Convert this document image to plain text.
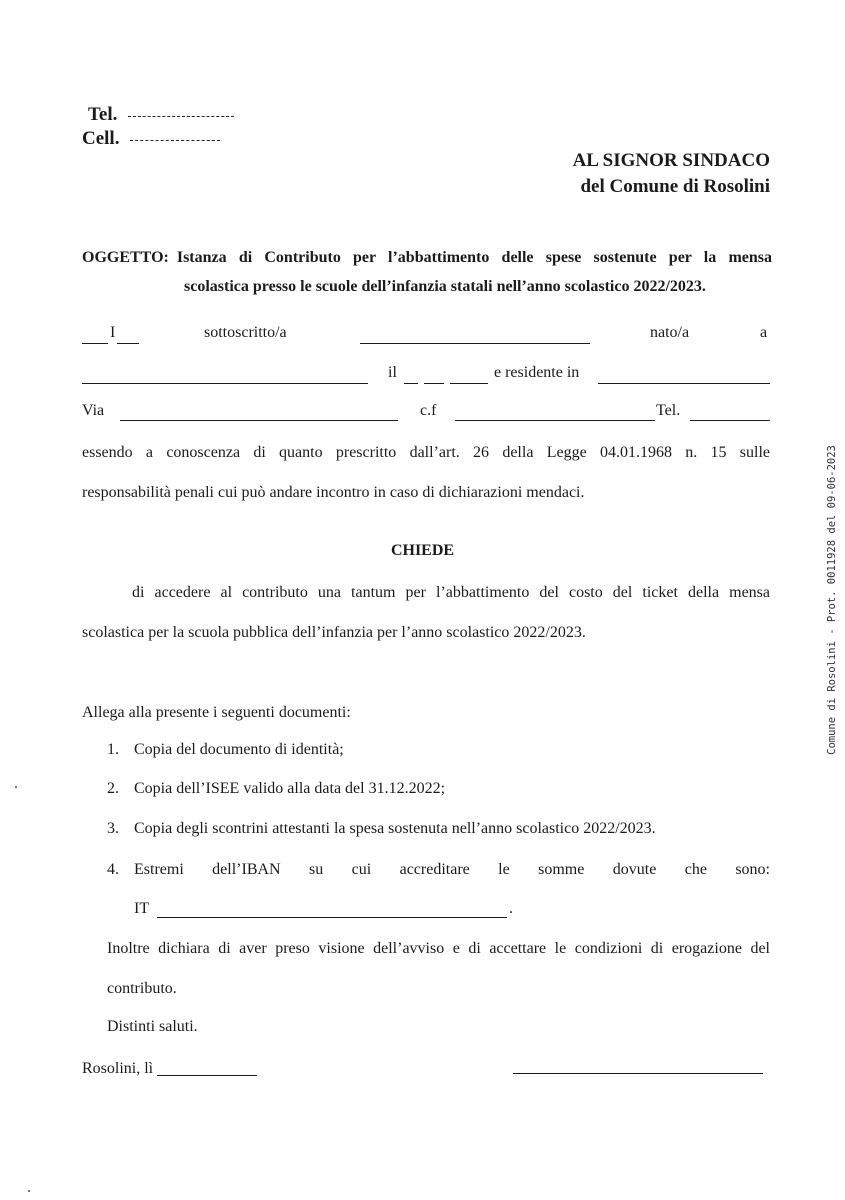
Tel.
Cell.
AL SIGNOR SINDACO
del Comune di Rosolini
OGGETTO: Istanza di Contributo per l’abbattimento delle spese sostenute per la mensa
scolastica presso le scuole dell’infanzia statali nell’anno scolastico 2022/2023.
I	sottoscritto/a	nato/a	a
il	e residente in
Via	c.f	Tel.
essendo a conoscenza di quanto prescritto dall’art. 26 della Legge 04.01.1968 n. 15 sulle
responsabilità penali cui può andare incontro in caso di dichiarazioni mendaci.
CHIEDE
di accedere al contributo una tantum per l’abbattimento del costo del ticket della mensa
scolastica per la scuola pubblica dell’infanzia per l’anno scolastico 2022/2023.
Allega alla presente i seguenti documenti:
1. Copia del documento di identità;
2. Copia dell’ISEE valido alla data del 31.12.2022;
3. Copia degli scontrini attestanti la spesa sostenuta nell’anno scolastico 2022/2023.
4. Estremi dell’IBAN su cui accreditare le somme dovute che sono:
IT	.
Inoltre dichiara di aver preso visione dell’avviso e di accettare le condizioni di erogazione del
contributo.
Distinti saluti.
Rosolini, lì
Comune di Rosolini - Prot. 0011928 del 09-06-2023
